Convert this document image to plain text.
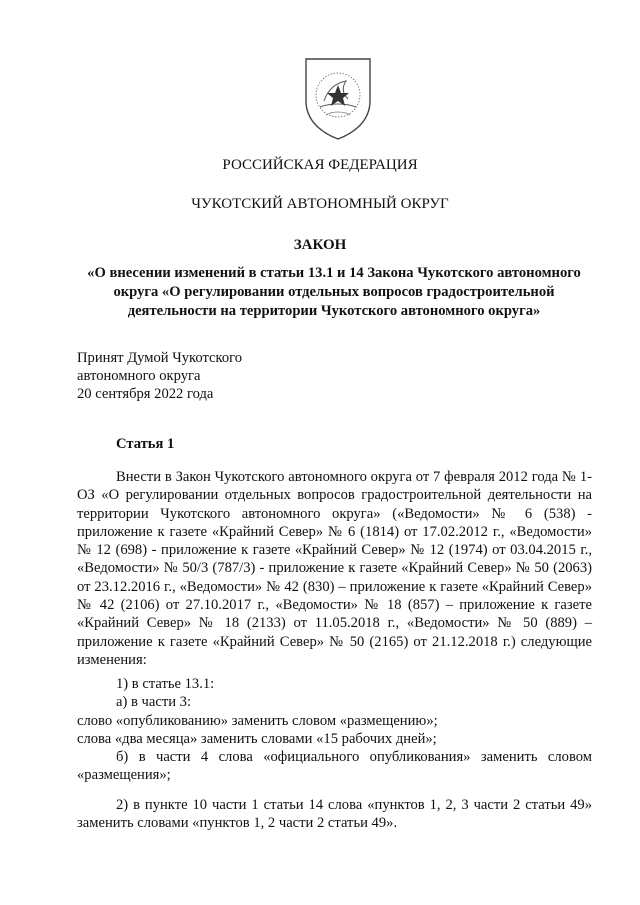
РОССИЙСКАЯ ФЕДЕРАЦИЯ
ЧУКОТСКИЙ АВТОНОМНЫЙ ОКРУГ
ЗАКОН
«О внесении изменений в статьи 13.1 и 14 Закона Чукотского автономного округа «О регулировании отдельных вопросов градостроительной деятельности на территории Чукотского автономного округа»
Принят Думой Чукотского
автономного округа
20 сентября 2022 года
Статья 1

Внести в Закон Чукотского автономного округа от 7 февраля 2012 года № 1-ОЗ «О регулировании отдельных вопросов градостроительной деятельности на территории Чукотского автономного округа» («Ведомости» № 6 (538) - приложение к газете «Крайний Север» № 6 (1814) от 17.02.2012 г., «Ведомости» № 12 (698) - приложение к газете «Крайний Север» № 12 (1974) от 03.04.2015 г., «Ведомости» № 50/3 (787/3) - приложение к газете «Крайний Север» № 50 (2063) от 23.12.2016 г., «Ведомости» № 42 (830) – приложение к газете «Крайний Север» № 42 (2106) от 27.10.2017 г., «Ведомости» № 18 (857) – приложение к газете «Крайний Север» № 18 (2133) от 11.05.2018 г., «Ведомости» № 50 (889) – приложение к газете «Крайний Север» № 50 (2165) от 21.12.2018 г.) следующие изменения:

1) в статье 13.1:

а) в части 3:

слово «опубликованию» заменить словом «размещению»;

слова «два месяца» заменить словами «15 рабочих дней»;

б) в части 4 слова «официального опубликования» заменить словом «размещения»;

2) в пункте 10 части 1 статьи 14 слова «пунктов 1, 2, 3 части 2 статьи 49» заменить словами «пунктов 1, 2 части 2 статьи 49».
